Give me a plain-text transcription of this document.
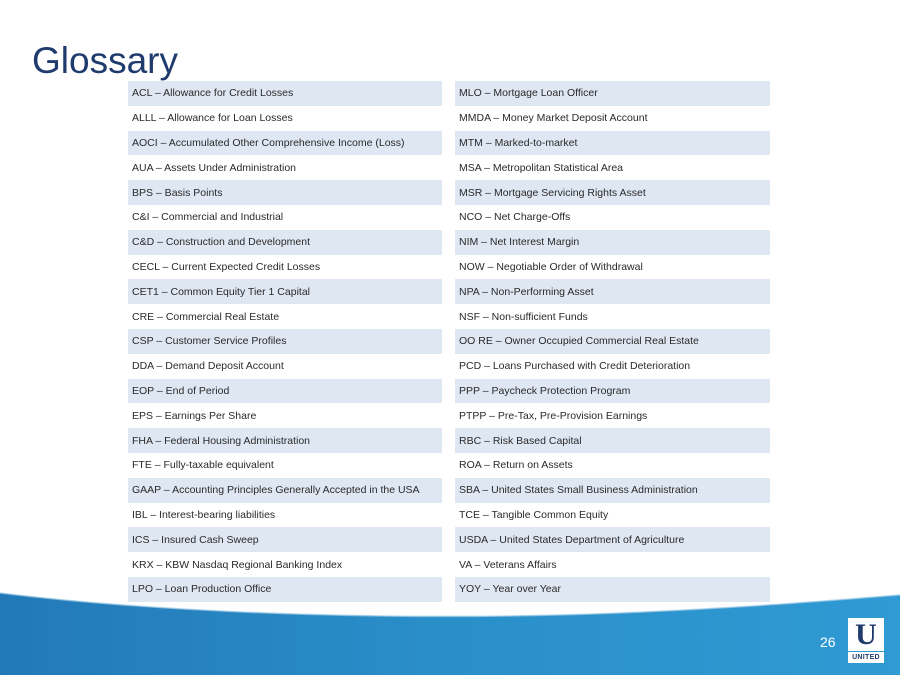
Glossary
ACL – Allowance for Credit Losses
ALLL – Allowance for Loan Losses
AOCI – Accumulated Other Comprehensive Income (Loss)
AUA – Assets Under Administration
BPS – Basis Points
C&I – Commercial and Industrial
C&D – Construction and Development
CECL – Current Expected Credit Losses
CET1 – Common Equity Tier 1 Capital
CRE – Commercial Real Estate
CSP – Customer Service Profiles
DDA – Demand Deposit Account
EOP – End of Period
EPS – Earnings Per Share
FHA – Federal Housing Administration
FTE – Fully-taxable equivalent
GAAP – Accounting Principles Generally Accepted in the USA
IBL – Interest-bearing liabilities
ICS – Insured Cash Sweep
KRX – KBW Nasdaq Regional Banking Index
LPO – Loan Production Office
MLO – Mortgage Loan Officer
MMDA – Money Market Deposit Account
MTM – Marked-to-market
MSA – Metropolitan Statistical Area
MSR – Mortgage Servicing Rights Asset
NCO – Net Charge-Offs
NIM – Net Interest Margin
NOW – Negotiable Order of Withdrawal
NPA – Non-Performing Asset
NSF – Non-sufficient Funds
OO RE – Owner Occupied Commercial Real Estate
PCD – Loans Purchased with Credit Deterioration
PPP – Paycheck Protection Program
PTPP – Pre-Tax, Pre-Provision Earnings
RBC – Risk Based Capital
ROA – Return on Assets
SBA – United States Small Business Administration
TCE – Tangible Common Equity
USDA – United States Department of Agriculture
VA – Veterans Affairs
YOY – Year over Year
26 U
UNITED
